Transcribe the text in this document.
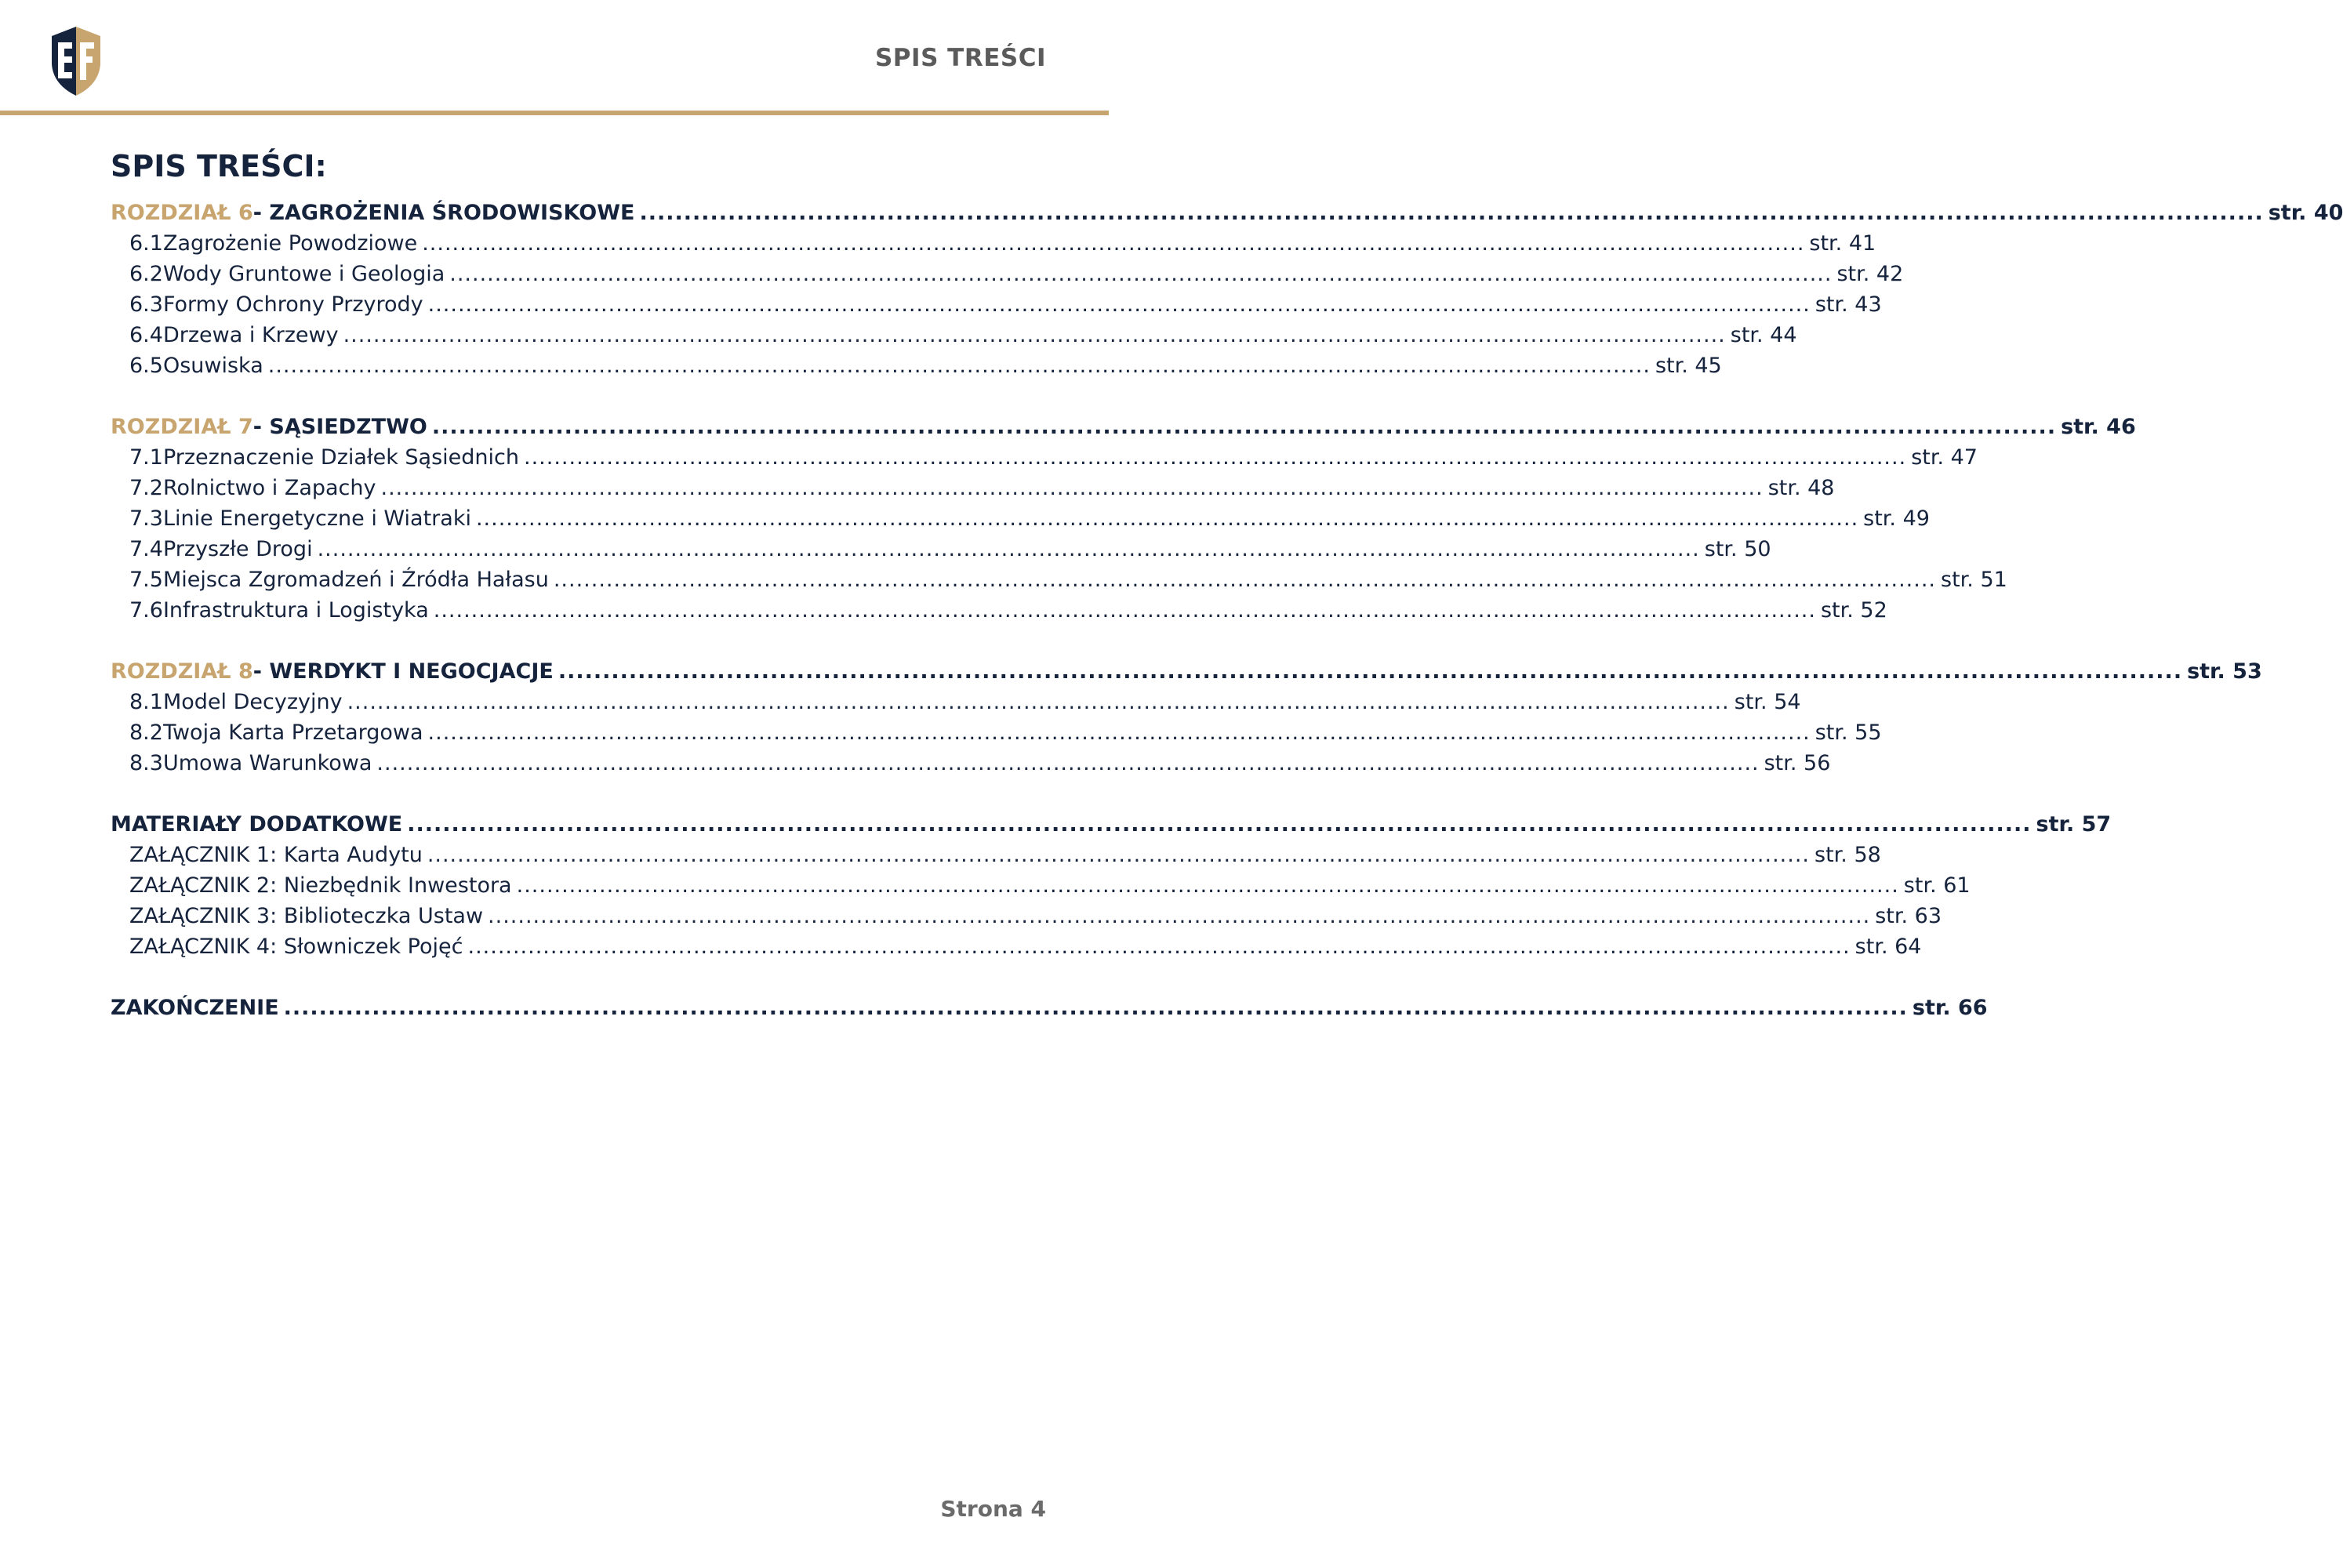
SPIS TREŚCI
SPIS TREŚCI:
ROZDZIAŁ 6 - ZAGROŻENIA ŚRODOWISKOWE ........................................................................................................................................................................................ str. 40
6.1 Zagrożenie Powodziowe ........................................................................................................................................................................................ str. 41
6.2 Wody Gruntowe i Geologia ........................................................................................................................................................................................ str. 42
6.3 Formy Ochrony Przyrody ........................................................................................................................................................................................ str. 43
6.4 Drzewa i Krzewy ........................................................................................................................................................................................ str. 44
6.5 Osuwiska ........................................................................................................................................................................................ str. 45
ROZDZIAŁ 7 - SĄSIEDZTWO ........................................................................................................................................................................................ str. 46
7.1 Przeznaczenie Działek Sąsiednich ........................................................................................................................................................................................ str. 47
7.2 Rolnictwo i Zapachy ........................................................................................................................................................................................ str. 48
7.3 Linie Energetyczne i Wiatraki ........................................................................................................................................................................................ str. 49
7.4 Przyszłe Drogi ........................................................................................................................................................................................ str. 50
7.5 Miejsca Zgromadzeń i Źródła Hałasu ........................................................................................................................................................................................ str. 51
7.6 Infrastruktura i Logistyka ........................................................................................................................................................................................ str. 52
ROZDZIAŁ 8 - WERDYKT I NEGOCJACJE ........................................................................................................................................................................................ str. 53
8.1 Model Decyzyjny ........................................................................................................................................................................................ str. 54
8.2 Twoja Karta Przetargowa ........................................................................................................................................................................................ str. 55
8.3 Umowa Warunkowa ........................................................................................................................................................................................ str. 56
MATERIAŁY DODATKOWE ........................................................................................................................................................................................ str. 57
ZAŁĄCZNIK 1:
Karta Audytu ........................................................................................................................................................................................ str. 58
ZAŁĄCZNIK 2:
Niezbędnik Inwestora ........................................................................................................................................................................................ str. 61
ZAŁĄCZNIK 3:
Biblioteczka Ustaw ........................................................................................................................................................................................ str. 63
ZAŁĄCZNIK 4:
Słowniczek Pojęć ........................................................................................................................................................................................ str. 64
ZAKOŃCZENIE ........................................................................................................................................................................................ str. 66
Strona 4
